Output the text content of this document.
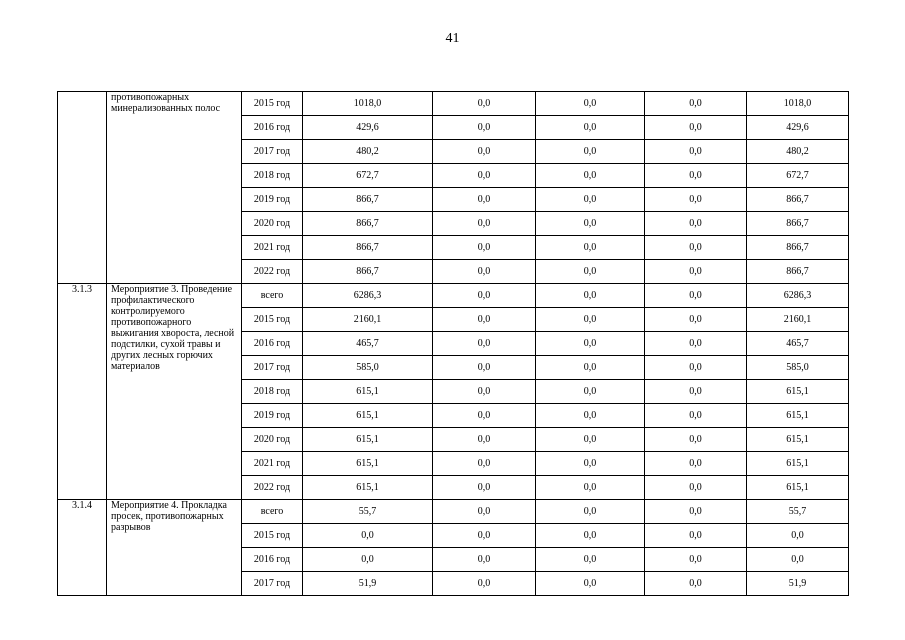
41
	противопожарных минерализованных полос	2015 год	1018,0	0,0	0,0	0,0	1018,0
		2016 год	429,6	0,0	0,0	0,0	429,6
		2017 год	480,2	0,0	0,0	0,0	480,2
		2018 год	672,7	0,0	0,0	0,0	672,7
		2019 год	866,7	0,0	0,0	0,0	866,7
		2020 год	866,7	0,0	0,0	0,0	866,7
		2021 год	866,7	0,0	0,0	0,0	866,7
		2022 год	866,7	0,0	0,0	0,0	866,7
3.1.3	Мероприятие 3. Проведение профилактического контролируемого противопожарного выжигания хвороста, лесной подстилки, сухой травы и других лесных горючих материалов	всего	6286,3	0,0	0,0	0,0	6286,3
		2015 год	2160,1	0,0	0,0	0,0	2160,1
		2016 год	465,7	0,0	0,0	0,0	465,7
		2017 год	585,0	0,0	0,0	0,0	585,0
		2018 год	615,1	0,0	0,0	0,0	615,1
		2019 год	615,1	0,0	0,0	0,0	615,1
		2020 год	615,1	0,0	0,0	0,0	615,1
		2021 год	615,1	0,0	0,0	0,0	615,1
		2022 год	615,1	0,0	0,0	0,0	615,1
3.1.4	Мероприятие 4. Прокладка просек, противопожарных разрывов	всего	55,7	0,0	0,0	0,0	55,7
		2015 год	0,0	0,0	0,0	0,0	0,0
		2016 год	0,0	0,0	0,0	0,0	0,0
		2017 год	51,9	0,0	0,0	0,0	51,9
